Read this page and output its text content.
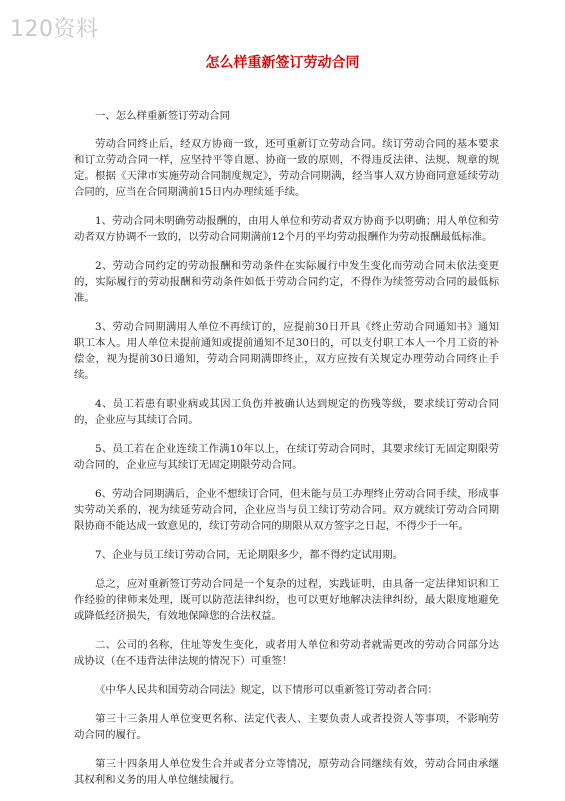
120资料
怎么样重新签订劳动合同

一、怎么样重新签订劳动合同

劳动合同终止后，经双方协商一致，还可重新订立劳动合同。续订劳动合同的基本要求和订立劳动合同一样，应坚持平等自愿、协商一致的原则，不得违反法律、法规、规章的规定。根据《天津市实施劳动合同制度规定》，劳动合同期满，经当事人双方协商同意延续劳动合同的，应当在合同期满前15日内办理续延手续。

1、劳动合同未明确劳动报酬的，由用人单位和劳动者双方协商予以明确；用人单位和劳动者双方协调不一致的，以劳动合同期满前12个月的平均劳动报酬作为劳动报酬最低标准。

2、劳动合同约定的劳动报酬和劳动条件在实际履行中发生变化而劳动合同未依法变更的，实际履行的劳动报酬和劳动条件如低于劳动合同约定，不得作为续签劳动合同的最低标准。

3、劳动合同期满用人单位不再续订的，应提前30日开具《终止劳动合同通知书》通知职工本人。用人单位未提前通知或提前通知不足30日的，可以支付职工本人一个月工资的补偿金，视为提前30日通知，劳动合同期满即终止，双方应按有关规定办理劳动合同终止手续。

4、员工若患有职业病或其因工负伤并被确认达到规定的伤残等级，要求续订劳动合同的，企业应与其续订合同。

5、员工若在企业连续工作满10年以上，在续订劳动合同时，其要求续订无固定期限劳动合同的，企业应与其续订无固定期限劳动合同。

6、劳动合同期满后，企业不想续订合同，但未能与员工办理终止劳动合同手续，形成事实劳动关系的，视为续延劳动合同，企业应当与员工续订劳动合同。双方就续订劳动合同期限协商不能达成一致意见的，续订劳动合同的期限从双方签字之日起，不得少于一年。

7、企业与员工续订劳动合同，无论期限多少，都不得约定试用期。

总之，应对重新签订劳动合同是一个复杂的过程，实践证明，由具备一定法律知识和工作经验的律师来处理，既可以防范法律纠纷，也可以更好地解决法律纠纷，最大限度地避免或降低经济损失，有效地保障您的合法权益。

二、公司的名称，住址等发生变化，或者用人单位和劳动者就需更改的劳动合同部分达成协议（在不违背法律法规的情况下）可重签！

《中华人民共和国劳动合同法》规定，以下情形可以重新签订劳动者合同：

第三十三条用人单位变更名称、法定代表人、主要负责人或者投资人等事项，不影响劳动合同的履行。

第三十四条用人单位发生合并或者分立等情况，原劳动合同继续有效，劳动合同由承继其权利和义务的用人单位继续履行。
